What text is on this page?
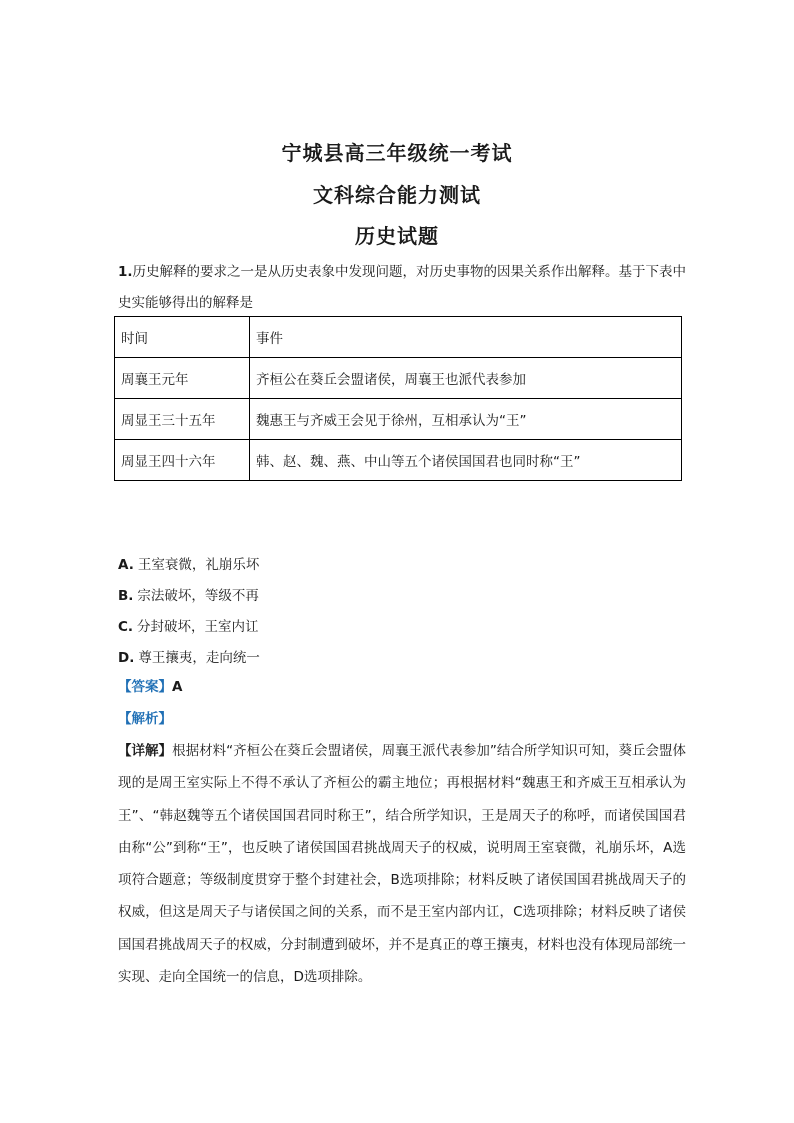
宁城县高三年级统一考试
文科综合能力测试
历史试题
1.历史解释的要求之一是从历史表象中发现问题，对历史事物的因果关系作出解释。基于下表中史实能够得出的解释是
时间	事件
周襄王元年	齐桓公在葵丘会盟诸侯，周襄王也派代表参加
周显王三十五年	魏惠王与齐威王会见于徐州，互相承认为“王”
周显王四十六年	韩、赵、魏、燕、中山等五个诸侯国国君也同时称“王”
A. 王室衰微，礼崩乐坏
B. 宗法破坏，等级不再
C. 分封破坏，王室内讧
D. 尊王攘夷，走向统一
【答案】A
【解析】
【详解】根据材料“齐桓公在葵丘会盟诸侯，周襄王派代表参加”结合所学知识可知，葵丘会盟体现的是周王室实际上不得不承认了齐桓公的霸主地位；再根据材料“魏惠王和齐威王互相承认为王”、“韩赵魏等五个诸侯国国君同时称王”，结合所学知识，王是周天子的称呼，而诸侯国国君由称“公”到称“王”，也反映了诸侯国国君挑战周天子的权威，说明周王室衰微，礼崩乐坏，A选项符合题意；等级制度贯穿于整个封建社会，B选项排除；材料反映了诸侯国国君挑战周天子的权威，但这是周天子与诸侯国之间的关系，而不是王室内部内讧，C选项排除；材料反映了诸侯国国君挑战周天子的权威，分封制遭到破坏，并不是真正的尊王攘夷，材料也没有体现局部统一实现、走向全国统一的信息，D选项排除。
